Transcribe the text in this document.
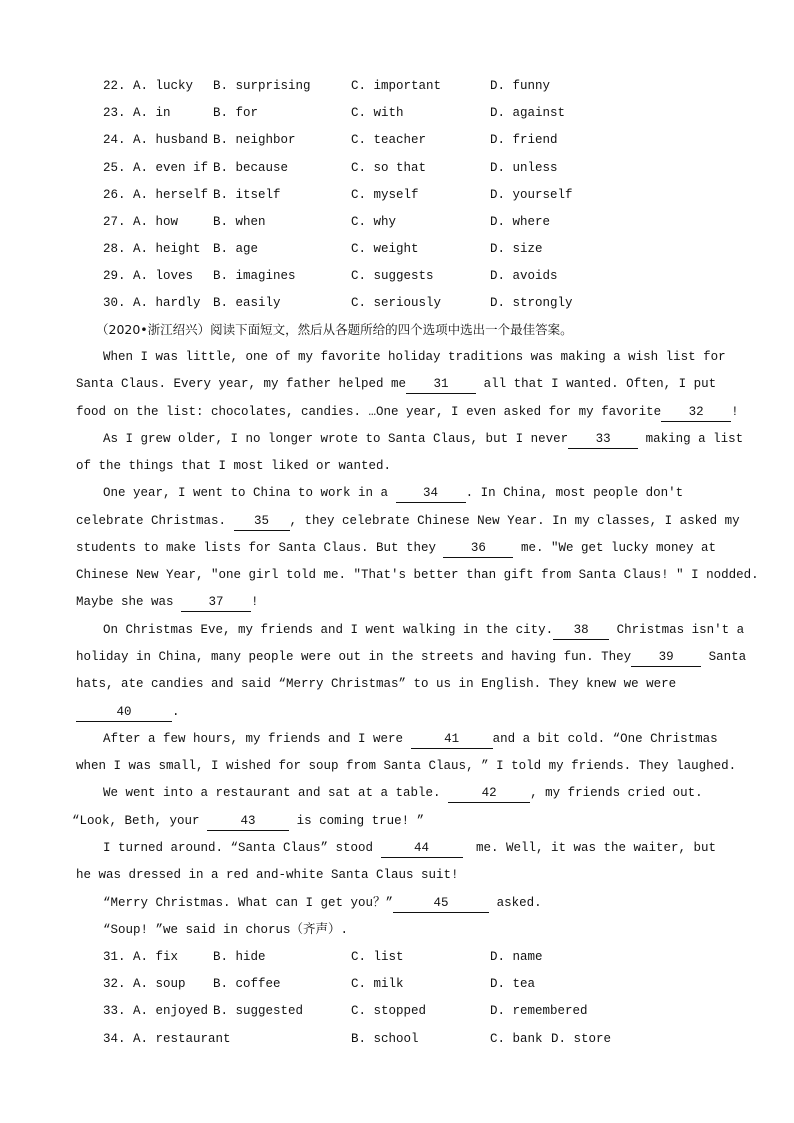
22. A. lucky B. surprising	C. important	D. funny
23. A. in	B. for	C. with	D. against
24. A. husband B. neighbor	C. teacher	D. friend
25. A. even if B. because	C. so that	D. unless
26. A. herself B. itself	C. myself	D. yourself
27. A. how	B. when	C. why	D. where
28. A. height B. age	C. weight	D. size
29. A. loves B. imagines	C. suggests	D. avoids
30. A. hardly B. easily	C. seriously	D. strongly
（2020•浙江绍兴）阅读下面短文，然后从各题所给的四个选项中选出一个最佳答案。
When I was little, one of my favorite holiday traditions was making a wish list for
Santa Claus. Every year, my father helped me	31	all that I wanted. Often, I put
food on the list: chocolates, candies. …One year, I even asked for my favorite	32 !
As I grew older, I no longer wrote to Santa Claus, but I never	33	making a list
of the things that I most liked or wanted.
One year, I went to China to work in a	34 . In China, most people don't
celebrate Christmas. 35 , they celebrate Chinese New Year. In my classes, I asked my
students to make lists for Santa Claus. But they	36	me. "We get lucky money at
Chinese New Year, "one girl told me. "That's better than gift from Santa Claus! " I nodded.
Maybe she was	37 !
On Christmas Eve, my friends and I went walking in the city.	38 Christmas isn't a
holiday in China, many people were out in the streets and having fun. They	39	Santa
hats, ate candies and said “Merry Christmas” to us in English. They knew we were
40	.
After a few hours, my friends and I were	41	and a bit cold. “One Christmas
when I was small, I wished for soup from Santa Claus, ” I told my friends. They laughed.
We went into a restaurant and sat at a table.	42	, my friends cried out.
“Look, Beth, your	43	is coming true! ”
I turned around. “Santa Claus” stood	44	me. Well, it was the waiter, but
he was dressed in a red and-white Santa Claus suit!
“Merry Christmas. What can I get you？”	45	asked.
“Soup! ”we said in chorus（齐声）.
31. A. fix	B. hide	C. list	D. name
32. A. soup B. coffee	C. milk	D. tea
33. A. enjoyed B. suggested	C. stopped	D. remembered
34. A. restaurant	B. school	C. bank D. store
